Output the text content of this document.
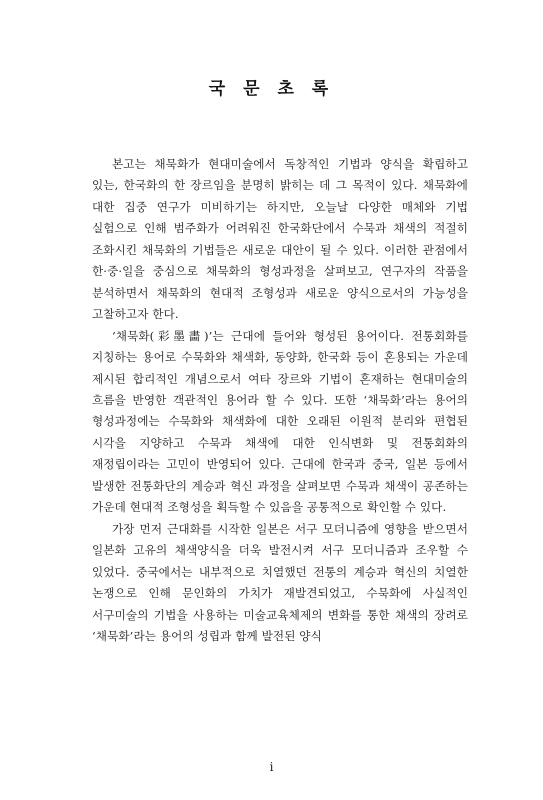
국 문 초 록

본고는 채묵화가 현대미술에서 독창적인 기법과 양식을 확립하고 있는, 한국화의 한 장르임을 분명히 밝히는 데 그 목적이 있다. 채묵화에 대한 집중 연구가 미비하기는 하지만, 오늘날 다양한 매체와 기법 실험으로 인해 범주화가 어려워진 한국화단에서 수묵과 채색의 적절히 조화시킨 채묵화의 기법들은 새로운 대안이 될 수 있다. 이러한 관점에서 한·중·일을 중심으로 채묵화의 형성과정을 살펴보고, 연구자의 작품을 분석하면서 채묵화의 현대적 조형성과 새로운 양식으로서의 가능성을 고찰하고자 한다.

‘채묵화(彩墨畵)’는 근대에 들어와 형성된 용어이다. 전통회화를 지칭하는 용어로 수묵화와 채색화, 동양화, 한국화 등이 혼용되는 가운데 제시된 합리적인 개념으로서 여타 장르와 기법이 혼재하는 현대미술의 흐름을 반영한 객관적인 용어라 할 수 있다. 또한 ‘채묵화’라는 용어의 형성과정에는 수묵화와 채색화에 대한 오래된 이원적 분리와 편협된 시각을 지양하고 수묵과 채색에 대한 인식변화 및 전통회화의 재정립이라는 고민이 반영되어 있다. 근대에 한국과 중국, 일본 등에서 발생한 전통화단의 계승과 혁신 과정을 살펴보면 수묵과 채색이 공존하는 가운데 현대적 조형성을 획득할 수 있음을 공통적으로 확인할 수 있다.

가장 먼저 근대화를 시작한 일본은 서구 모더니즘에 영향을 받으면서 일본화 고유의 채색양식을 더욱 발전시켜 서구 모더니즘과 조우할 수 있었다. 중국에서는 내부적으로 치열했던 전통의 계승과 혁신의 치열한 논쟁으로 인해 문인화의 가치가 재발견되었고, 수묵화에 사실적인 서구미술의 기법을 사용하는 미술교육체제의 변화를 통한 채색의 장려로 ‘채묵화’라는 용어의 성립과 함께 발전된 양식

i
